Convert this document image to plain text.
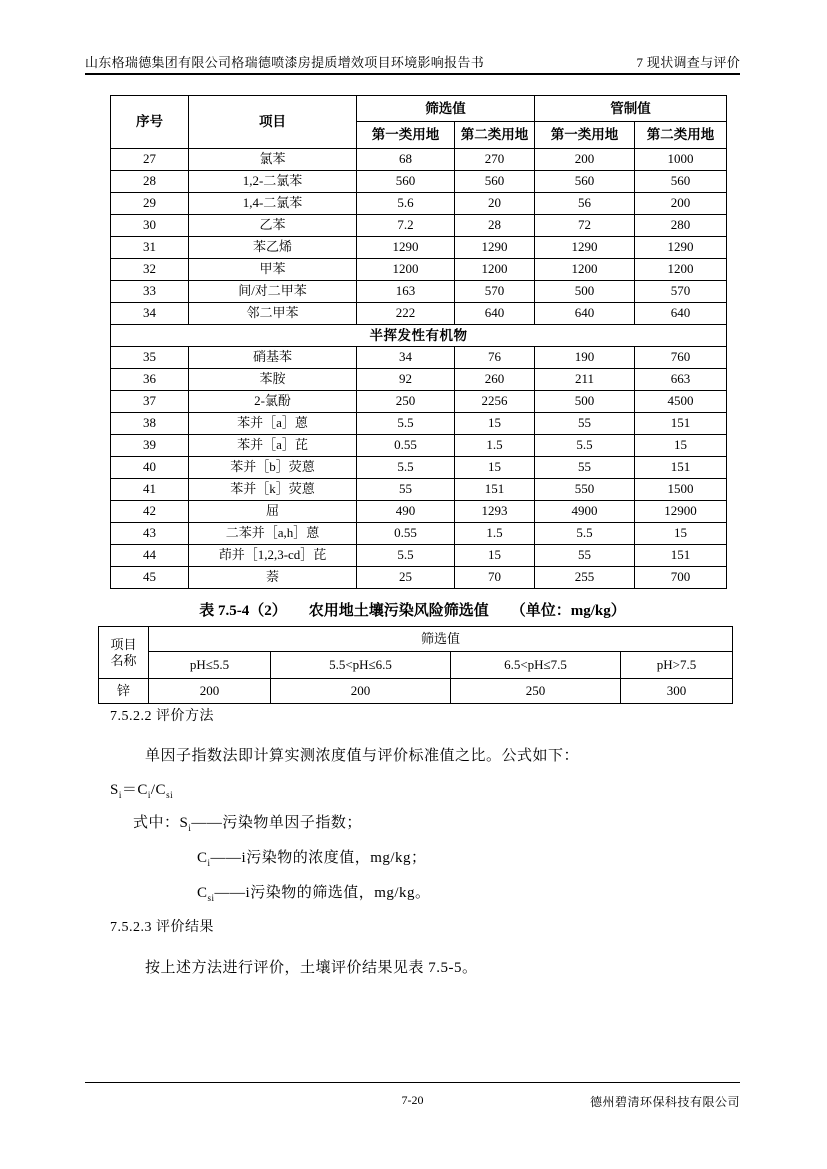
山东格瑞德集团有限公司格瑞德喷漆房提质增效项目环境影响报告书	7 现状调查与评价
序号	项目	筛选值		管制值	
		第一类用地	第二类用地	第一类用地	第二类用地
27	氯苯	68	270	200	1000
28	1,2-二氯苯	560	560	560	560
29	1,4-二氯苯	5.6	20	56	200
30	乙苯	7.2	28	72	280
31	苯乙烯	1290	1290	1290	1290
32	甲苯	1200	1200	1200	1200
33	间/对二甲苯	163	570	500	570
34	邻二甲苯	222	640	640	640
半挥发性有机物					
35	硝基苯	34	76	190	760
36	苯胺	92	260	211	663
37	2-氯酚	250	2256	500	4500
38	苯并［a］蒽	5.5	15	55	151
39	苯并［a］芘	0.55	1.5	5.5	15
40	苯并［b］荧蒽	5.5	15	55	151
41	苯并［k］荧蒽	55	151	550	1500
42	屈	490	1293	4900	12900
43	二苯并［a,h］蒽	0.55	1.5	5.5	15
44	茚并［1,2,3-cd］芘	5.5	15	55	151
45	萘	25	70	255	700
表 7.5-4（2） 农用地土壤污染风险筛选值 （单位：mg/kg）
项目
名称	筛选值			
	pH≤5.5	5.5<pH≤6.5	6.5<pH≤7.5	pH>7.5
锌	200	200	250	300
7.5.2.2 评价方法
单因子指数法即计算实测浓度值与评价标准值之比。公式如下：
$S_i=C_i/C_{si}$
式中：$S_i——$污染物单因子指数；
$C_i——i$污染物的浓度值，mg/kg；
$C_{si}——i$污染物的筛选值，mg/kg。
7.5.2.3 评价结果
按上述方法进行评价，土壤评价结果见表 7.5-5。
7-20	德州碧清环保科技有限公司
